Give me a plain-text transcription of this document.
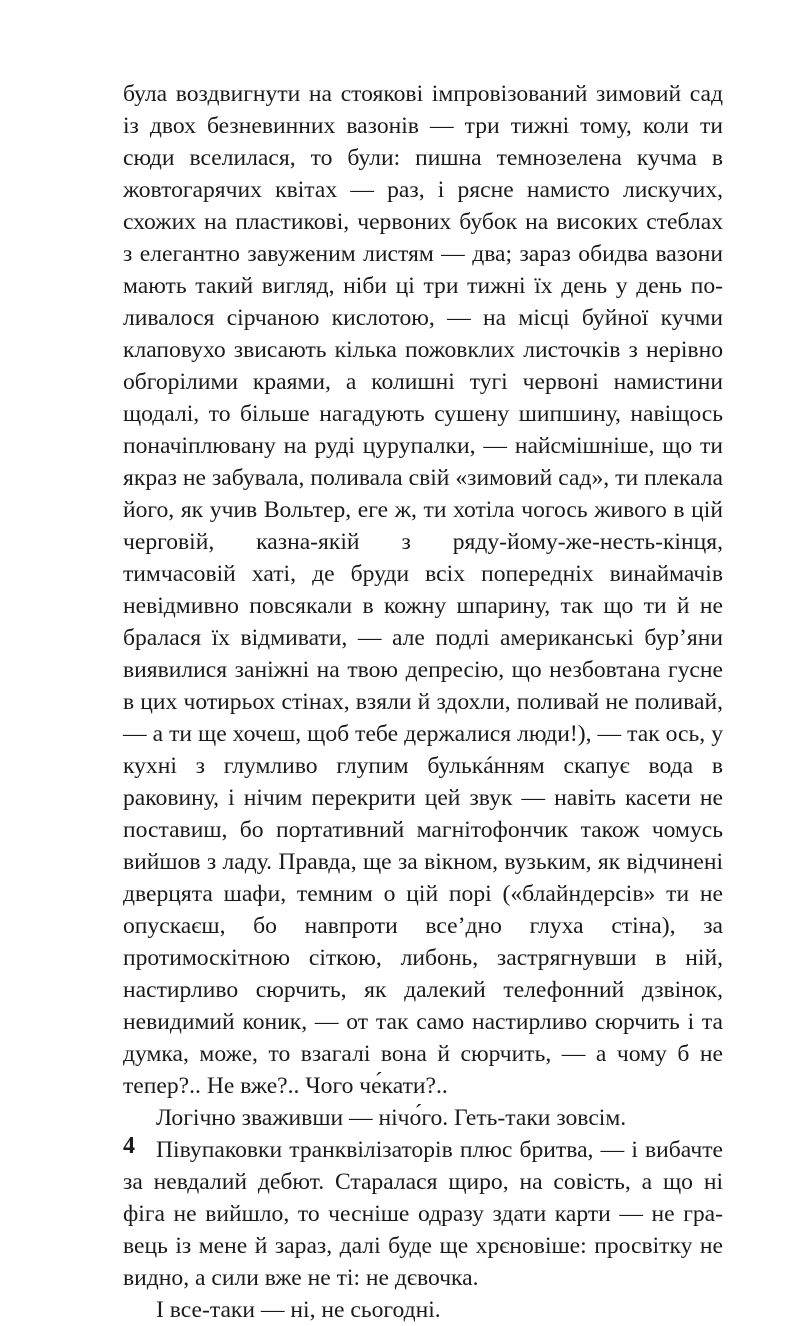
була воздвигнути на стоякові імпровізований зимовий сад із двох безневинних вазонів — три тижні тому, коли ти сюди вселилася, то були: пишна темнозелена кучма в жовтогарячих квітах — раз, і рясне намисто лискучих, схожих на пластикові, червоних бубок на високих стеблах з елегантно завуженим листям — два; зараз обидва вазони мають такий вигляд, ніби ці три тижні їх день у день поливалося сірчаною кислотою, — на місці буйної кучми клаповухо звисають кілька пожовклих листочків з нерівно обгорілими краями, а колишні тугі червоні намистини щодалі, то більше нагадують сушену шипшину, навіщось поначіплювану на руді цурупалки, — найсмішніше, що ти якраз не забувала, поливала свій «зимовий сад», ти плекала його, як учив Вольтер, еге ж, ти хотіла чогось живого в цій черговій, казна-якій з ряду-йому-же-несть-кінця, тимчасовій хаті, де бруди всіх попередніх винаймачів невідмивно повсякали в кожну шпарину, так що ти й не бралася їх відмивати, — але подлі американські бур’яни виявилися заніжні на твою депресію, що незбовтана гусне в цих чотирьох стінах, взяли й здохли, поливай не поливай, — а ти ще хочеш, щоб тебе держалися люди!), — так ось, у кухні з глумливо глупим булькáнням скапує вода в раковину, і нічим перекрити цей звук — навіть касети не поставиш, бо портативний магнітофончик також чомусь вийшов з ладу. Правда, ще за вікном, вузьким, як відчинені дверцята шафи, темним о цій порі («блайндерсів» ти не опускаєш, бо навпроти все’дно глуха стіна), за протимоскітною сіткою, либонь, застрягнувши в ній, настирливо сюрчить, як далекий телефонний дзвінок, невидимий коник, — от так само настирливо сюрчить і та думка, може, то взагалі вона й сюрчить, — а чому б не тепер?.. Не вже?.. Чого че́кати?..

Логічно зваживши — нічо́го. Геть-таки зовсім.

Півупаковки транквілізаторів плюс бритва, — і вибачте за невдалий дебют. Старалася щиро, на совість, а що ні фіга не вийшло, то чесніше одразу здати карти — не гравець із мене й зараз, далі буде ще хрєновіше: просвітку не видно, а сили вже не ті: не дєвочка.

І все-таки — ні, не сьогодні.

4
